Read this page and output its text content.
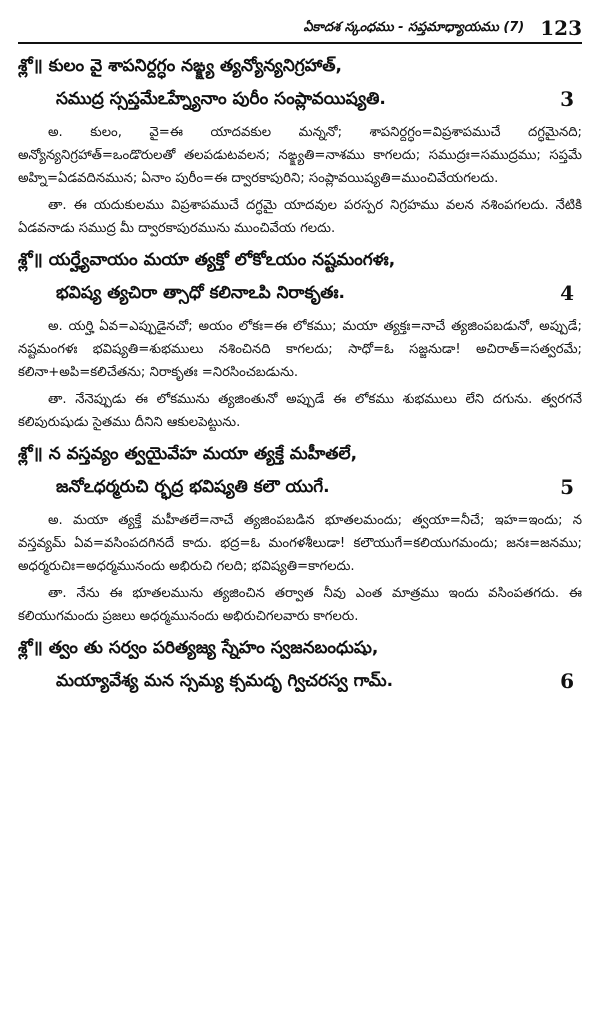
ఏకాదశ స్కంధము - సప్తమాధ్యాయము (7) 123
శ్లో॥ కులం వై శాపనిర్దగ్ధం నఙ్క్ష్య త్యన్యోన్యనిగ్రహాత్,
సముద్ర స్సప్తమేఽహ్న్యేనాం పురీం సంప్లావయిష్యతి.	3

అ. కులం, వై=ఈ యాదవకుల మన్ననో; శాపనిర్దగ్ధం=విప్రశాపముచే దగ్ధమైనది; అన్యోన్యనిగ్రహాత్=ఒండొరులతో తలపడుటవలన; నఙ్క్ష్యతి=నాశము కాగలదు; సముద్రః=సముద్రము; సప్తమే అహ్ని=ఏడవదినమున; ఏనాం పురీం=ఈ ద్వారకాపురిని; సంప్లావయిష్యతి=ముంచివేయగలదు.

తా. ఈ యదుకులము విప్రశాపముచే దగ్ధమై యాదవుల పరస్పర నిగ్రహము వలన నశింపగలదు. నేటికి ఏడవనాడు సముద్ర మీ ద్వారకాపురమును ముంచివేయ గలదు.

శ్లో॥ యర్హ్యేవాయం మయా త్యక్తో లోకోఽయం నష్టమంగళః,
భవిష్య త్యచిరా త్సాధో కలినాఽపి నిరాకృతః.	4

అ. యర్హి ఏవ=ఎప్పుడైనచో; అయం లోకః=ఈ లోకము; మయా త్యక్తః=నాచే త్యజింపబడునో, అప్పుడే; నష్టమంగళః భవిష్యతి=శుభములు నశించినది కాగలదు; సాధో=ఓ సజ్జనుడా! అచిరాత్=సత్వరమే; కలినా+అపి=కలిచేతను; నిరాకృతః =నిరసించబడును.

తా. నేనెప్పుడు ఈ లోకమును త్యజింతునో అప్పుడే ఈ లోకము శుభములు లేని దగును. త్వరగనే కలిపురుషుడు సైతము దీనిని ఆకులపెట్టును.

శ్లో॥ న వస్తవ్యం త్వయైవేహ మయా త్యక్తే మహీతలే,
జనోఽధర్మరుచి ర్భద్ర భవిష్యతి కలౌ యుగే.	5

అ. మయా త్యక్తే మహీతలే=నాచే త్యజింపబడిన భూతలమందు; త్వయా=నీచే; ఇహ=ఇందు; న వస్తవ్యమ్ ఏవ=వసింపదగినదే కాదు. భద్ర=ఓ మంగళశీలుడా! కలౌయుగే=కలియుగమందు; జనః=జనము; అధర్మరుచిః=అధర్మమునందు అభిరుచి గలది; భవిష్యతి=కాగలదు.

తా. నేను ఈ భూతలమును త్యజించిన తర్వాత నీవు ఎంత మాత్రము ఇందు వసింపతగదు. ఈ కలియుగమందు ప్రజలు అధర్మమునందు అభిరుచిగలవారు కాగలరు.

శ్లో॥ త్వం తు సర్వం పరిత్యజ్య స్నేహం స్వజనబంధుషు,
మయ్యావేశ్య మన స్సమ్య క్సమదృ గ్విచరస్వ గామ్.	6
